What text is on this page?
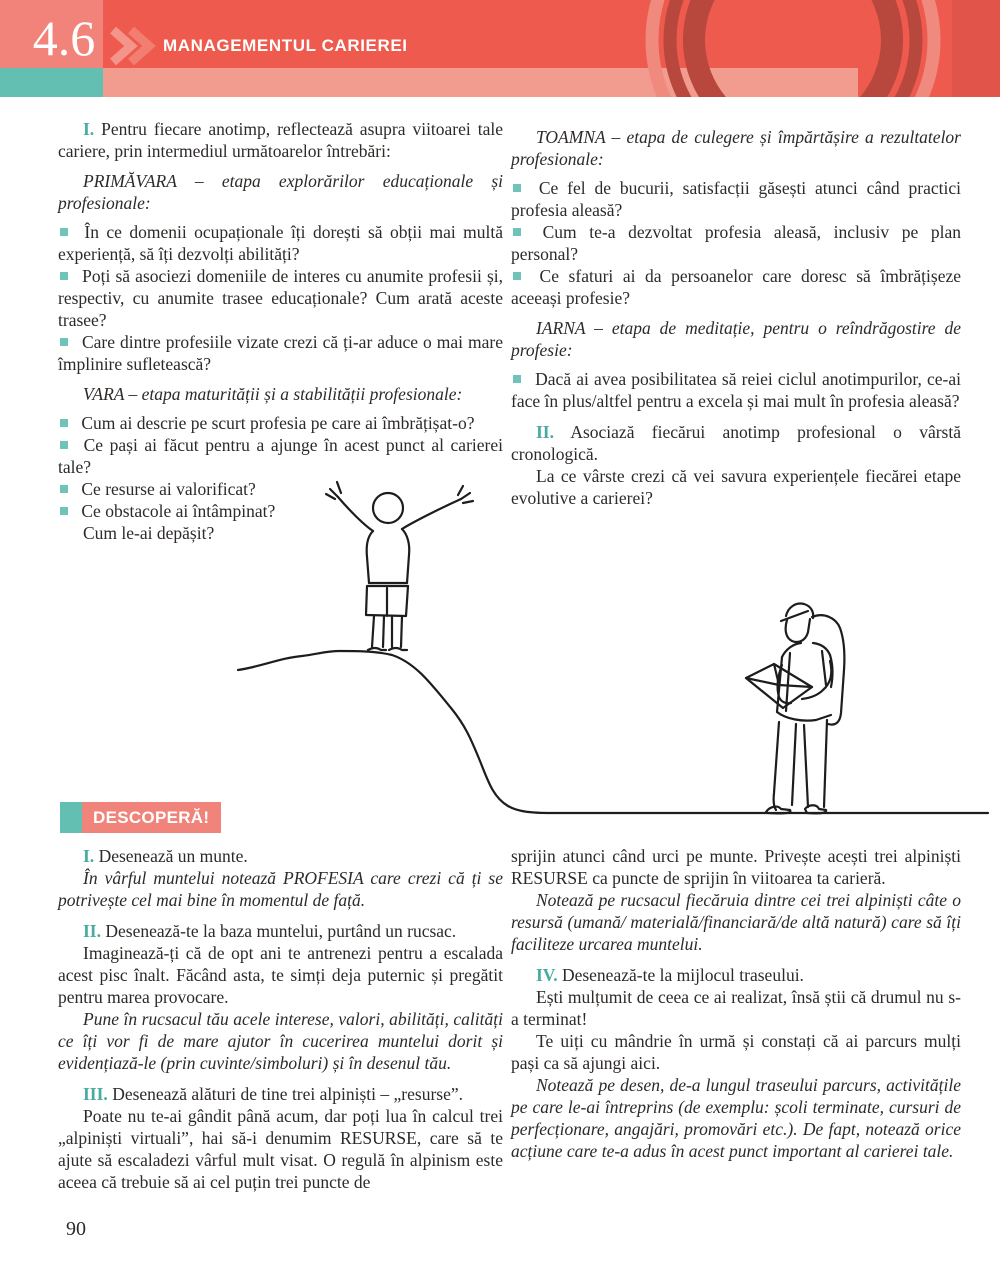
4.6	MANAGEMENTUL CARIEREI

I. Pentru fiecare anotimp, reflectează asupra viitoarei tale cariere, prin intermediul următoarelor întrebări:

PRIMĂVARA – etapa explorărilor educaționale și profesionale:

În ce domenii ocupaționale îți dorești să obții mai multă experiență, să îți dezvolți abilități?

Poți să asociezi domeniile de interes cu anumite profesii și, respectiv, cu anumite trasee educaționale? Cum arată aceste trasee?

Care dintre profesiile vizate crezi că ți-ar aduce o mai mare împlinire sufletească?

VARA – etapa maturității și a stabilității profesionale:

Cum ai descrie pe scurt profesia pe care ai îmbrățișat-o?

Ce pași ai făcut pentru a ajunge în acest punct al carierei tale?

Ce resurse ai valorificat?

Ce obstacole ai întâmpinat?

Cum le-ai depășit?

TOAMNA – etapa de culegere și împărtășire a rezultatelor profesionale:

Ce fel de bucurii, satisfacții găsești atunci când practici profesia aleasă?

Cum te-a dezvoltat profesia aleasă, inclusiv pe plan personal?

Ce sfaturi ai da persoanelor care doresc să îmbrățișeze aceeași profesie?

IARNA – etapa de meditație, pentru o reîndrăgostire de profesie:

Dacă ai avea posibilitatea să reiei ciclul anotimpurilor, ce-ai face în plus/altfel pentru a excela și mai mult în profesia aleasă?

II. Asociază fiecărui anotimp profesional o vârstă cronologică.

La ce vârste crezi că vei savura experiențele fiecărei etape evolutive a carierei?

DESCOPERĂ!

I. Desenează un munte.

În vârful muntelui notează PROFESIA care crezi că ți se potrivește cel mai bine în momentul de față.

II. Desenează-te la baza muntelui, purtând un rucsac.

Imaginează-ți că de opt ani te antrenezi pentru a escalada acest pisc înalt. Făcând asta, te simți deja puternic și pregătit pentru marea provocare.

Pune în rucsacul tău acele interese, valori, abilități, calități ce îți vor fi de mare ajutor în cucerirea muntelui dorit și evidențiază-le (prin cuvinte/simboluri) și în desenul tău.

III. Desenează alături de tine trei alpiniști – „resurse”.

Poate nu te-ai gândit până acum, dar poți lua în calcul trei „alpiniști virtuali”, hai să-i denumim RESURSE, care să te ajute să escaladezi vârful mult visat. O regulă în alpinism este aceea că trebuie să ai cel puțin trei puncte de

sprijin atunci când urci pe munte. Privește acești trei alpiniști RESURSE ca puncte de sprijin în viitoarea ta carieră.

Notează pe rucsacul fiecăruia dintre cei trei alpiniști câte o resursă (umană/ materială/financiară/de altă natură) care să îți faciliteze urcarea muntelui.

IV. Desenează-te la mijlocul traseului.

Ești mulțumit de ceea ce ai realizat, însă știi că drumul nu s-a terminat!

Te uiți cu mândrie în urmă și constați că ai parcurs mulți pași ca să ajungi aici.

Notează pe desen, de-a lungul traseului parcurs, activitățile pe care le-ai întreprins (de exemplu: școli terminate, cursuri de perfecționare, angajări, promovări etc.). De fapt, notează orice acțiune care te-a adus în acest punct important al carierei tale.

90
